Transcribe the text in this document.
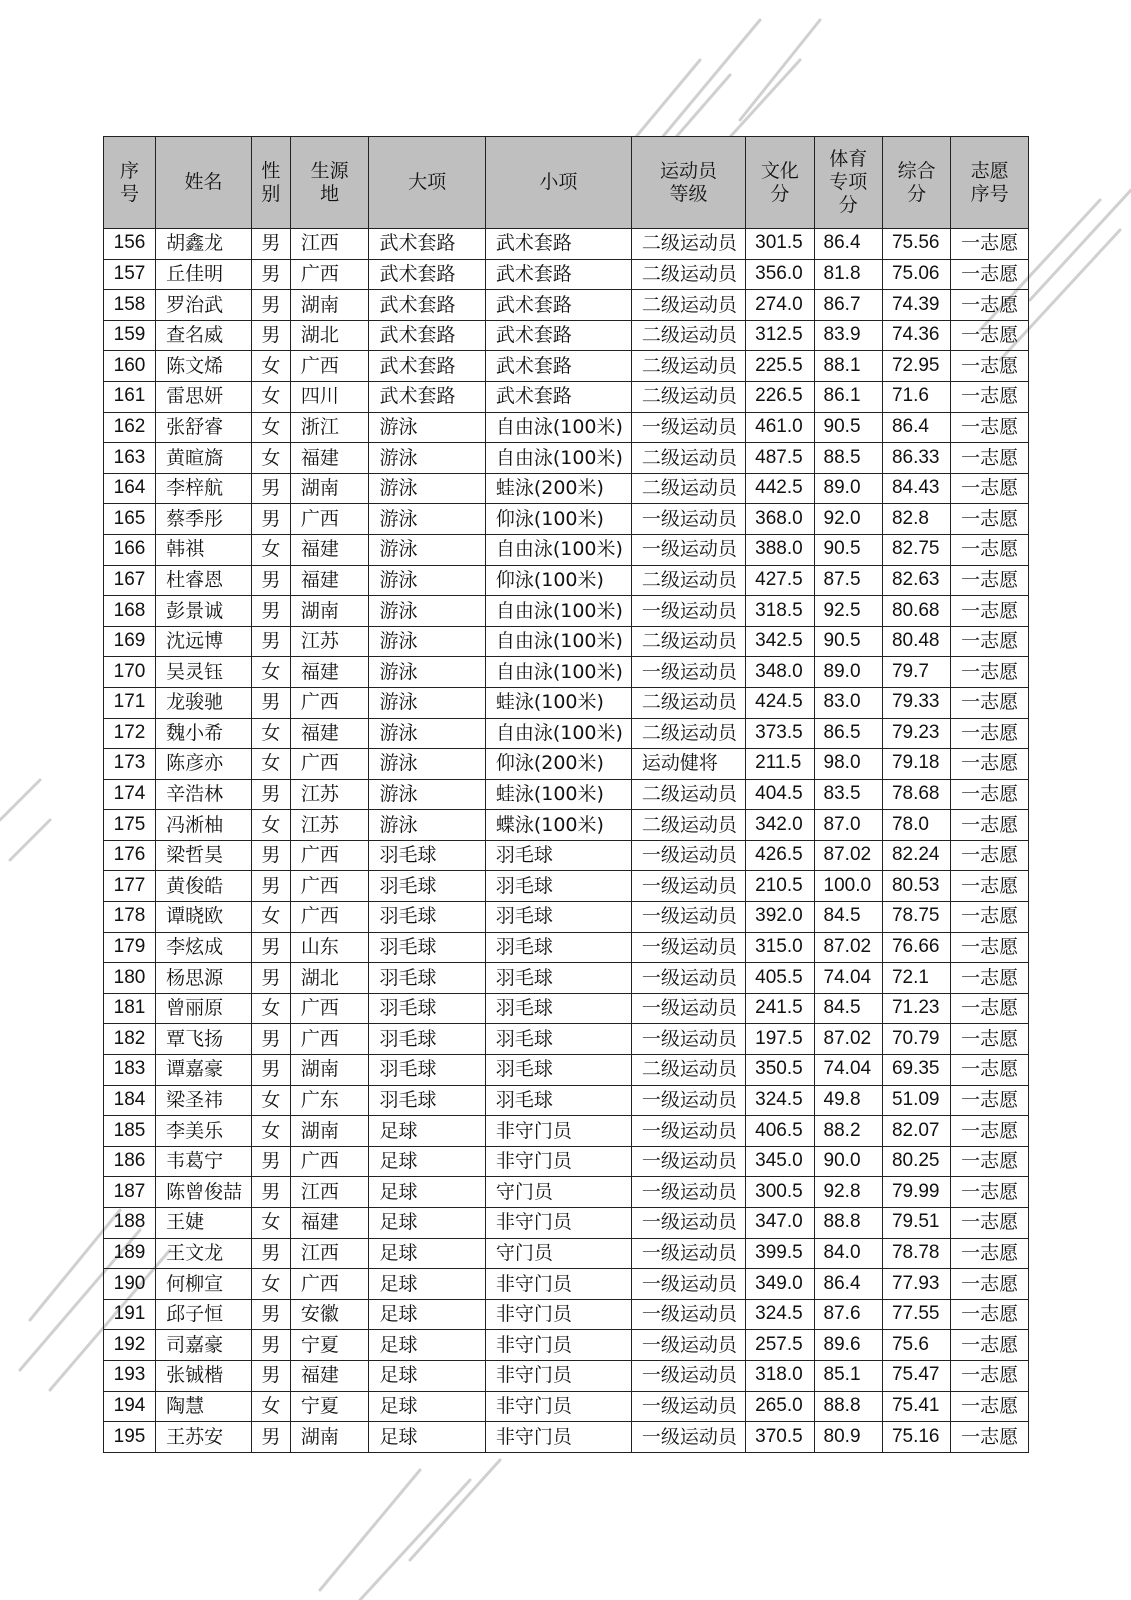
序号	姓名	性别	生源地	大项	小项	运动员等级	文化分	体育专项分	综合分	志愿序号
156	胡鑫龙	男	江西	武术套路	武术套路	二级运动员	301.5	86.4	75.56	一志愿
157	丘佳明	男	广西	武术套路	武术套路	二级运动员	356.0	81.8	75.06	一志愿
158	罗治武	男	湖南	武术套路	武术套路	二级运动员	274.0	86.7	74.39	一志愿
159	查名威	男	湖北	武术套路	武术套路	二级运动员	312.5	83.9	74.36	一志愿
160	陈文烯	女	广西	武术套路	武术套路	二级运动员	225.5	88.1	72.95	一志愿
161	雷思妍	女	四川	武术套路	武术套路	二级运动员	226.5	86.1	71.6	一志愿
162	张舒睿	女	浙江	游泳	自由泳(100米)	一级运动员	461.0	90.5	86.4	一志愿
163	黄暄旖	女	福建	游泳	自由泳(100米)	二级运动员	487.5	88.5	86.33	一志愿
164	李梓航	男	湖南	游泳	蛙泳(200米)	二级运动员	442.5	89.0	84.43	一志愿
165	蔡季彤	男	广西	游泳	仰泳(100米)	一级运动员	368.0	92.0	82.8	一志愿
166	韩祺	女	福建	游泳	自由泳(100米)	一级运动员	388.0	90.5	82.75	一志愿
167	杜睿恩	男	福建	游泳	仰泳(100米)	二级运动员	427.5	87.5	82.63	一志愿
168	彭景诚	男	湖南	游泳	自由泳(100米)	一级运动员	318.5	92.5	80.68	一志愿
169	沈远博	男	江苏	游泳	自由泳(100米)	二级运动员	342.5	90.5	80.48	一志愿
170	吴灵钰	女	福建	游泳	自由泳(100米)	一级运动员	348.0	89.0	79.7	一志愿
171	龙骏驰	男	广西	游泳	蛙泳(100米)	二级运动员	424.5	83.0	79.33	一志愿
172	魏小希	女	福建	游泳	自由泳(100米)	二级运动员	373.5	86.5	79.23	一志愿
173	陈彦亦	女	广西	游泳	仰泳(200米)	运动健将	211.5	98.0	79.18	一志愿
174	辛浩林	男	江苏	游泳	蛙泳(100米)	二级运动员	404.5	83.5	78.68	一志愿
175	冯淅柚	女	江苏	游泳	蝶泳(100米)	二级运动员	342.0	87.0	78.0	一志愿
176	梁哲昊	男	广西	羽毛球	羽毛球	一级运动员	426.5	87.02	82.24	一志愿
177	黄俊皓	男	广西	羽毛球	羽毛球	一级运动员	210.5	100.0	80.53	一志愿
178	谭晓欧	女	广西	羽毛球	羽毛球	一级运动员	392.0	84.5	78.75	一志愿
179	李炫成	男	山东	羽毛球	羽毛球	一级运动员	315.0	87.02	76.66	一志愿
180	杨思源	男	湖北	羽毛球	羽毛球	一级运动员	405.5	74.04	72.1	一志愿
181	曾丽原	女	广西	羽毛球	羽毛球	一级运动员	241.5	84.5	71.23	一志愿
182	覃飞扬	男	广西	羽毛球	羽毛球	一级运动员	197.5	87.02	70.79	一志愿
183	谭嘉豪	男	湖南	羽毛球	羽毛球	二级运动员	350.5	74.04	69.35	一志愿
184	梁圣祎	女	广东	羽毛球	羽毛球	一级运动员	324.5	49.8	51.09	一志愿
185	李美乐	女	湖南	足球	非守门员	一级运动员	406.5	88.2	82.07	一志愿
186	韦葛宁	男	广西	足球	非守门员	一级运动员	345.0	90.0	80.25	一志愿
187	陈曾俊喆	男	江西	足球	守门员	一级运动员	300.5	92.8	79.99	一志愿
188	王婕	女	福建	足球	非守门员	一级运动员	347.0	88.8	79.51	一志愿
189	王文龙	男	江西	足球	守门员	一级运动员	399.5	84.0	78.78	一志愿
190	何柳宣	女	广西	足球	非守门员	一级运动员	349.0	86.4	77.93	一志愿
191	邱子恒	男	安徽	足球	非守门员	一级运动员	324.5	87.6	77.55	一志愿
192	司嘉豪	男	宁夏	足球	非守门员	一级运动员	257.5	89.6	75.6	一志愿
193	张铖楷	男	福建	足球	非守门员	一级运动员	318.0	85.1	75.47	一志愿
194	陶慧	女	宁夏	足球	非守门员	一级运动员	265.0	88.8	75.41	一志愿
195	王苏安	男	湖南	足球	非守门员	一级运动员	370.5	80.9	75.16	一志愿
